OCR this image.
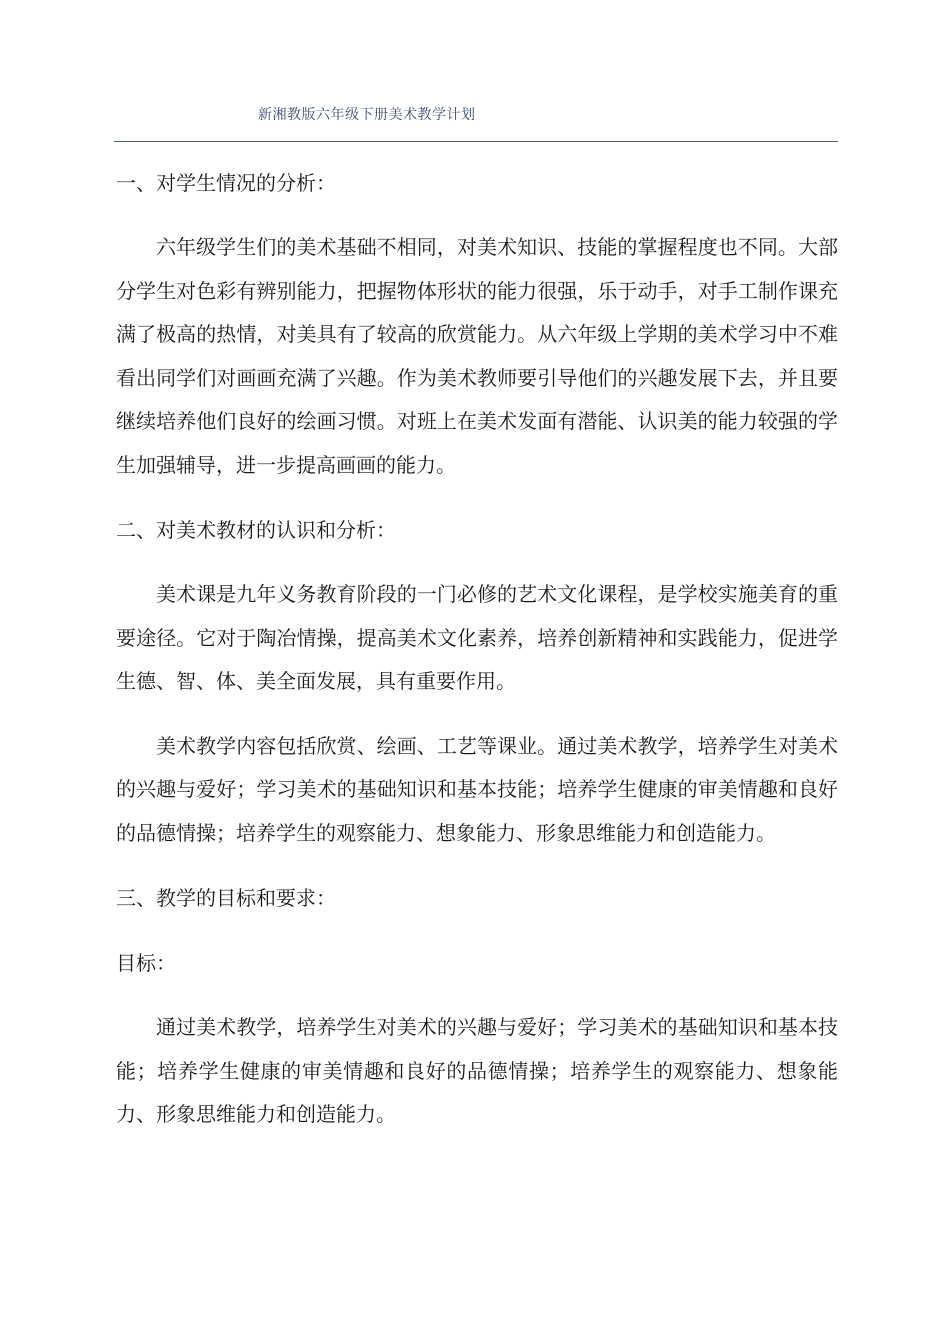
新湘教版六年级下册美术教学计划

一、对学生情况的分析：

六年级学生们的美术基础不相同，对美术知识、技能的掌握程度也不同。大部分学生对色彩有辨别能力，把握物体形状的能力很强，乐于动手，对手工制作课充满了极高的热情，对美具有了较高的欣赏能力。从六年级上学期的美术学习中不难看出同学们对画画充满了兴趣。作为美术教师要引导他们的兴趣发展下去，并且要继续培养他们良好的绘画习惯。对班上在美术发面有潜能、认识美的能力较强的学生加强辅导，进一步提高画画的能力。

二、对美术教材的认识和分析：

美术课是九年义务教育阶段的一门必修的艺术文化课程，是学校实施美育的重要途径。它对于陶冶情操，提高美术文化素养，培养创新精神和实践能力，促进学生德、智、体、美全面发展，具有重要作用。

美术教学内容包括欣赏、绘画、工艺等课业。通过美术教学，培养学生对美术的兴趣与爱好；学习美术的基础知识和基本技能；培养学生健康的审美情趣和良好的品德情操；培养学生的观察能力、想象能力、形象思维能力和创造能力。

三、教学的目标和要求：

目标：

通过美术教学，培养学生对美术的兴趣与爱好；学习美术的基础知识和基本技能；培养学生健康的审美情趣和良好的品德情操；培养学生的观察能力、想象能力、形象思维能力和创造能力。
